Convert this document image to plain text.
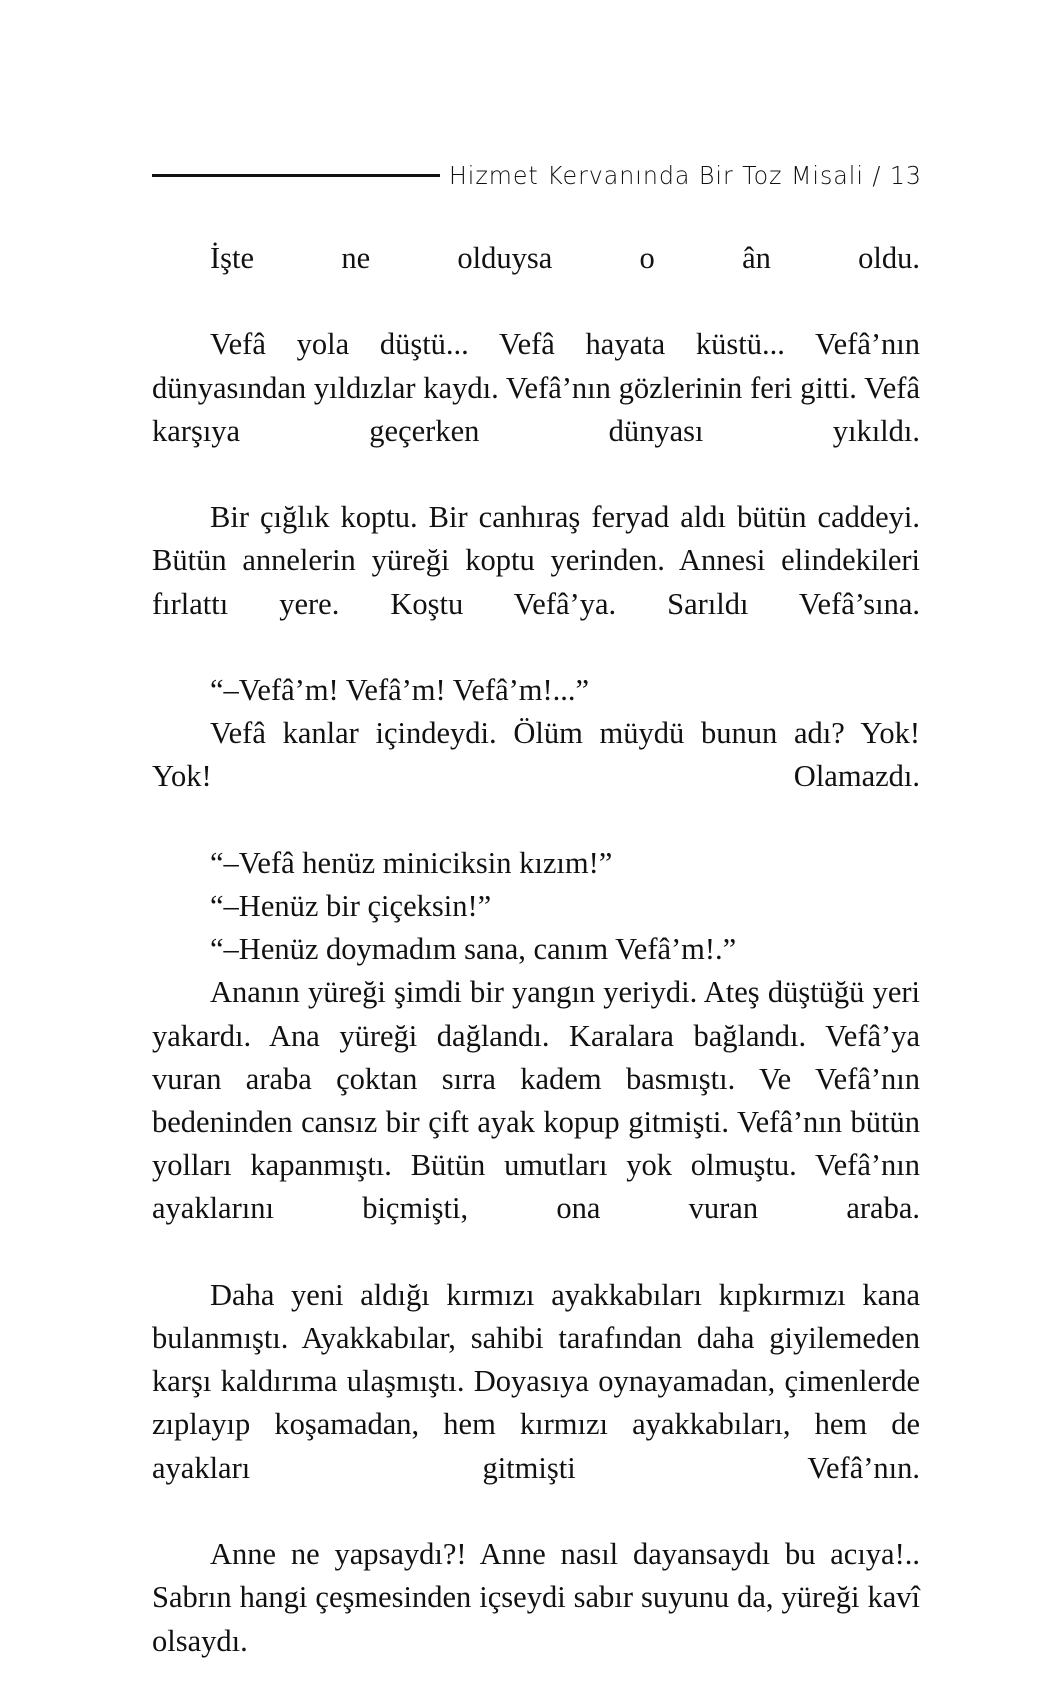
Hizmet Kervanında Bir Toz Misali / 13

İşte ne olduysa o ân oldu.

Vefâ yola düştü... Vefâ hayata küstü... Vefâ’nın dünyasından yıldızlar kaydı. Vefâ’nın gözlerinin feri gitti. Vefâ karşıya geçerken dünyası yıkıldı.

Bir çığlık koptu. Bir canhıraş feryad aldı bütün caddeyi. Bütün annelerin yüreği koptu yerinden. Annesi elindekileri fırlattı yere. Koştu Vefâ’ya. Sarıldı Vefâ’sına.

“–Vefâ’m! Vefâ’m! Vefâ’m!...”

Vefâ kanlar içindeydi. Ölüm müydü bunun adı? Yok! Yok! Olamazdı.

“–Vefâ henüz miniciksin kızım!”

“–Henüz bir çiçeksin!”

“–Henüz doymadım sana, canım Vefâ’m!.”

Ananın yüreği şimdi bir yangın yeriydi. Ateş düştüğü yeri yakardı. Ana yüreği dağlandı. Karalara bağlandı. Vefâ’ya vuran araba çoktan sırra kadem basmıştı. Ve Vefâ’nın bedeninden cansız bir çift ayak kopup gitmişti. Vefâ’nın bütün yolları kapanmıştı. Bütün umutları yok olmuştu. Vefâ’nın ayaklarını biçmişti, ona vuran araba.

Daha yeni aldığı kırmızı ayakkabıları kıpkırmızı kana bulanmıştı. Ayakkabılar, sahibi tarafından daha giyilemeden karşı kaldırıma ulaşmıştı. Doyasıya oynayamadan, çimenlerde zıplayıp koşamadan, hem kırmızı ayakkabıları, hem de ayakları gitmişti Vefâ’nın.

Anne ne yapsaydı?! Anne nasıl dayansaydı bu acıya!.. Sabrın hangi çeşmesinden içseydi sabır suyunu da, yüreği kavî olsaydı.
